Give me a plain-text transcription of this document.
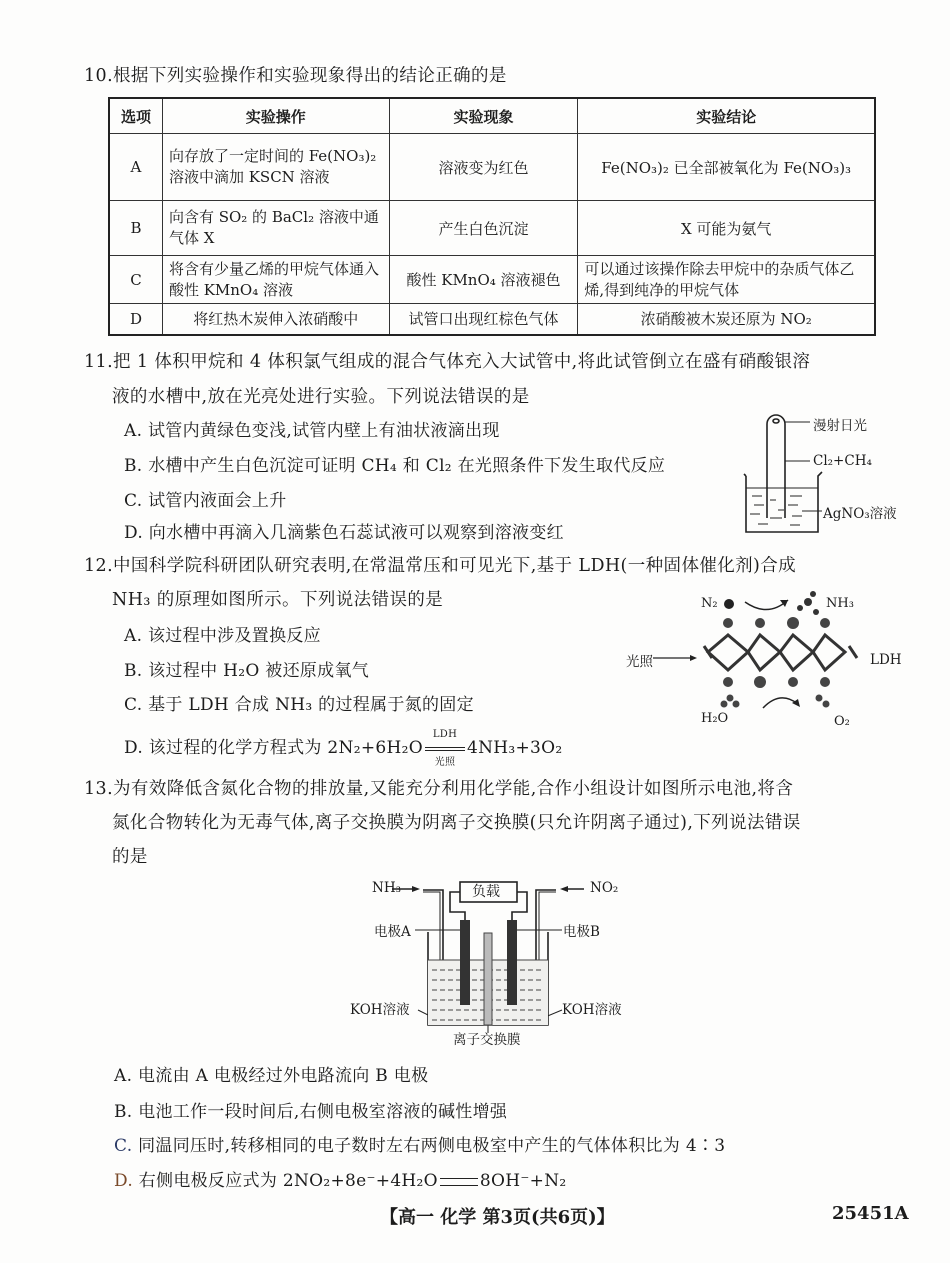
10.根据下列实验操作和实验现象得出的结论正确的是
选项	实验操作	实验现象	实验结论
A	向存放了一定时间的 Fe(NO₃)₂ 溶液中滴加 KSCN 溶液	溶液变为红色	Fe(NO₃)₂ 已全部被氧化为 Fe(NO₃)₃
B	向含有 SO₂ 的 BaCl₂ 溶液中通气体 X	产生白色沉淀	X 可能为氨气
C	将含有少量乙烯的甲烷气体通入酸性 KMnO₄ 溶液	酸性 KMnO₄ 溶液褪色	可以通过该操作除去甲烷中的杂质气体乙烯,得到纯净的甲烷气体
D	将红热木炭伸入浓硝酸中	试管口出现红棕色气体	浓硝酸被木炭还原为 NO₂
11.把 1 体积甲烷和 4 体积氯气组成的混合气体充入大试管中,将此试管倒立在盛有硝酸银溶
液的水槽中,放在光亮处进行实验。下列说法错误的是
A. 试管内黄绿色变浅,试管内壁上有油状液滴出现
B. 水槽中产生白色沉淀可证明 CH₄ 和 Cl₂ 在光照条件下发生取代反应
C. 试管内液面会上升
D. 向水槽中再滴入几滴紫色石蕊试液可以观察到溶液变红
漫射日光
Cl₂+CH₄
AgNO₃溶液
12.中国科学院科研团队研究表明,在常温常压和可见光下,基于 LDH(一种固体催化剂)合成
NH₃ 的原理如图所示。下列说法错误的是
A. 该过程中涉及置换反应
B. 该过程中 H₂O 被还原成氧气
C. 基于 LDH 合成 NH₃ 的过程属于氮的固定
D. 该过程的化学方程式为 $2N_2+6H_2O \frac{\text{LDH}}{\text{光照}} 4NH_3+3O_2$
N₂	NH₃
光照	LDH
H₂O	O₂
13.为有效降低含氮化合物的排放量,又能充分利用化学能,合作小组设计如图所示电池,将含
氮化合物转化为无毒气体,离子交换膜为阴离子交换膜(只允许阴离子通过),下列说法错误
的是
NH₃	NO₂
负载
电极A	电极B
KOH溶液	KOH溶液
离子交换膜
A. 电流由 A 电极经过外电路流向 B 电极
B. 电池工作一段时间后,右侧电极室溶液的碱性增强
C. 同温同压时,转移相同的电子数时左右两侧电极室中产生的气体体积比为 4∶3
D. 右侧电极反应式为 2NO₂+8e⁻+4H₂O 8OH⁻+N₂
【高一 化学 第3页(共6页)】	25451A
